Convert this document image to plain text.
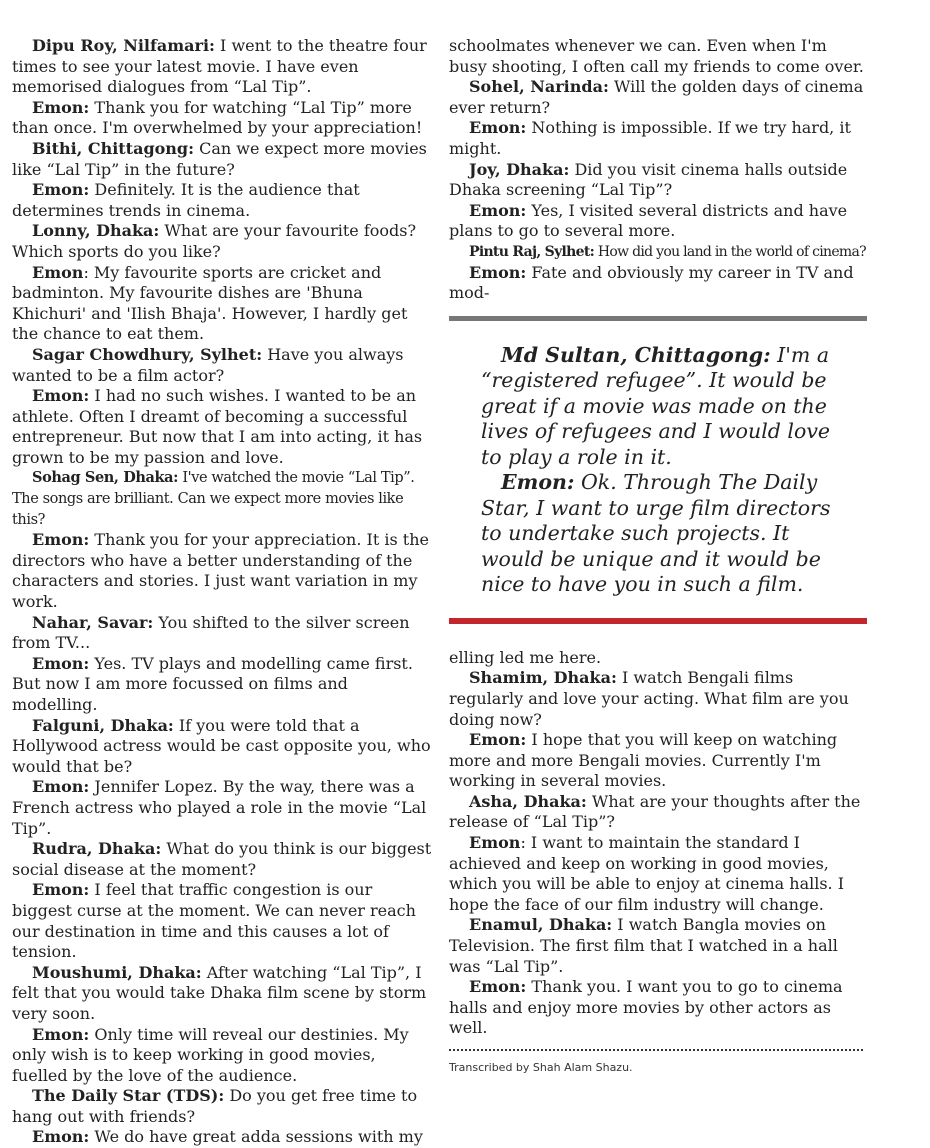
Dipu Roy, Nilfamari: I went to the theatre four times to see your latest movie. I have even memorised dialogues from “Lal Tip”.

Emon: Thank you for watching “Lal Tip” more than once. I'm overwhelmed by your appreciation!

Bithi, Chittagong: Can we expect more movies like “Lal Tip” in the future?

Emon: Definitely. It is the audience that determines trends in cinema.

Lonny, Dhaka: What are your favourite foods? Which sports do you like?

Emon: My favourite sports are cricket and badminton. My favourite dishes are 'Bhuna Khichuri' and 'Ilish Bhaja'. However, I hardly get the chance to eat them.

Sagar Chowdhury, Sylhet: Have you always wanted to be a film actor?

Emon: I had no such wishes. I wanted to be an athlete. Often I dreamt of becoming a successful entrepreneur. But now that I am into acting, it has grown to be my passion and love.

Sohag Sen, Dhaka: I've watched the movie “Lal Tip”. The songs are brilliant. Can we expect more movies like this?

Emon: Thank you for your appreciation. It is the directors who have a better understanding of the characters and stories. I just want variation in my work.

Nahar, Savar: You shifted to the silver screen from TV...

Emon: Yes. TV plays and modelling came first. But now I am more focussed on films and modelling.

Falguni, Dhaka: If you were told that a Hollywood actress would be cast opposite you, who would that be?

Emon: Jennifer Lopez. By the way, there was a French actress who played a role in the movie “Lal Tip”.

Rudra, Dhaka: What do you think is our biggest social disease at the moment?

Emon: I feel that traffic congestion is our biggest curse at the moment. We can never reach our destination in time and this causes a lot of tension.

Moushumi, Dhaka: After watching “Lal Tip”, I felt that you would take Dhaka film scene by storm very soon.

Emon: Only time will reveal our destinies. My only wish is to keep working in good movies, fuelled by the love of the audience.

The Daily Star (TDS): Do you get free time to hang out with friends?

Emon: We do have great adda sessions with my

schoolmates whenever we can. Even when I'm busy shooting, I often call my friends to come over.

Sohel, Narinda: Will the golden days of cinema ever return?

Emon: Nothing is impossible. If we try hard, it might.

Joy, Dhaka: Did you visit cinema halls outside Dhaka screening “Lal Tip”?

Emon: Yes, I visited several districts and have plans to go to several more.

Pintu Raj, Sylhet: How did you land in the world of cinema?

Emon: Fate and obviously my career in TV and mod-

Md Sultan, Chittagong: I'm a “registered refugee”. It would be great if a movie was made on the lives of refugees and I would love to play a role in it.

Emon: Ok. Through The Daily Star, I want to urge film directors to undertake such projects. It would be unique and it would be nice to have you in such a film.

elling led me here.

Shamim, Dhaka: I watch Bengali films regularly and love your acting. What film are you doing now?

Emon: I hope that you will keep on watching more and more Bengali movies. Currently I'm working in several movies.

Asha, Dhaka: What are your thoughts after the release of “Lal Tip”?

Emon: I want to maintain the standard I achieved and keep on working in good movies, which you will be able to enjoy at cinema halls. I hope the face of our film industry will change.

Enamul, Dhaka: I watch Bangla movies on Television. The first film that I watched in a hall was “Lal Tip”.

Emon: Thank you. I want you to go to cinema halls and enjoy more movies by other actors as well.

Transcribed by Shah Alam Shazu.
